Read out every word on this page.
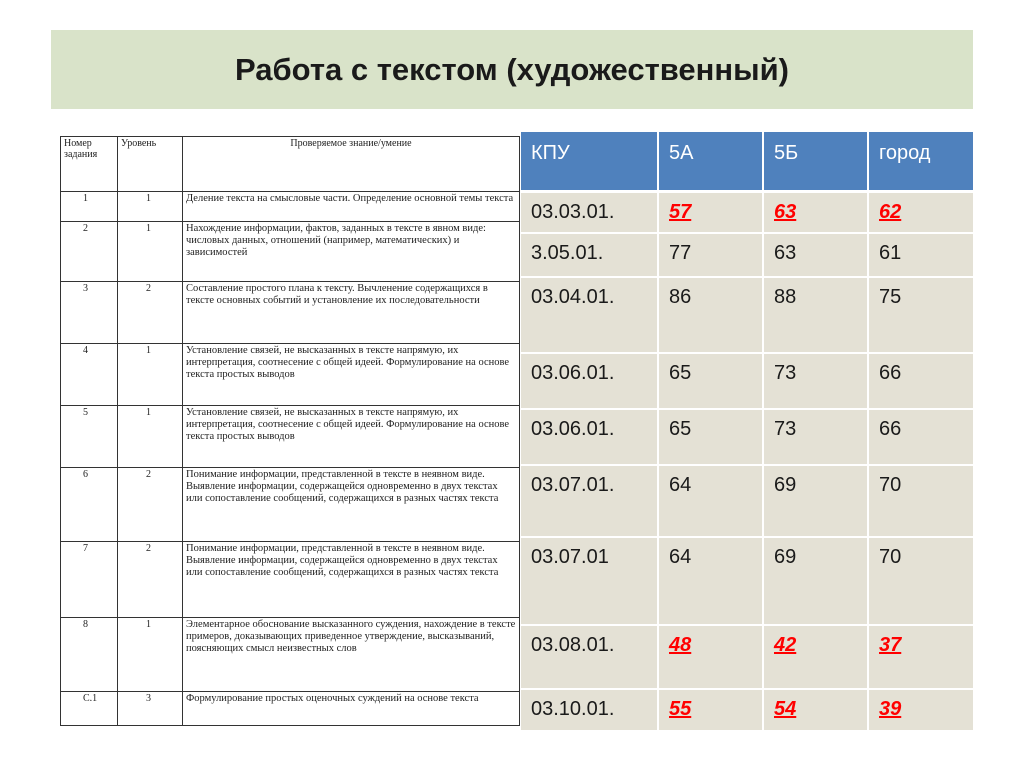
Работа с текстом (художественный)
Номер задания	Уровень	Проверяемое знание/умение
1	1	Деление текста на смысловые части. Определение основной темы текста
2	1	Нахождение информации, фактов, заданных в тексте в явном виде: числовых данных, отношений (например, математических) и зависимостей
3	2	Составление простого плана к тексту. Вычленение содержащихся в тексте основных событий и установление их последовательности
4	1	Установление связей, не высказанных в тексте напрямую, их интерпретация, соотнесение с общей идеей. Формулирование на основе текста простых выводов
5	1	Установление связей, не высказанных в тексте напрямую, их интерпретация, соотнесение с общей идеей. Формулирование на основе текста простых выводов
6	2	Понимание информации, представленной в тексте в неявном виде. Выявление информации, содержащейся одновременно в двух текстах или сопоставление сообщений, содержащихся в разных частях текста
7	2	Понимание информации, представленной в тексте в неявном виде. Выявление информации, содержащейся одновременно в двух текстах или сопоставление сообщений, содержащихся в разных частях текста
8	1	Элементарное обоснование высказанного суждения, нахождение в тексте примеров, доказывающих приведенное утверждение, высказываний, поясняющих смысл неизвестных слов
С.1	3	Формулирование простых оценочных суждений на основе текста
КПУ	5А	5Б	город
03.03.01.	57	63	62
3.05.01.	77	63	61
03.04.01.	86	88	75
03.06.01.	65	73	66
03.06.01.	65	73	66
03.07.01.	64	69	70
03.07.01	64	69	70
03.08.01.	48	42	37
03.10.01.	55	54	39
